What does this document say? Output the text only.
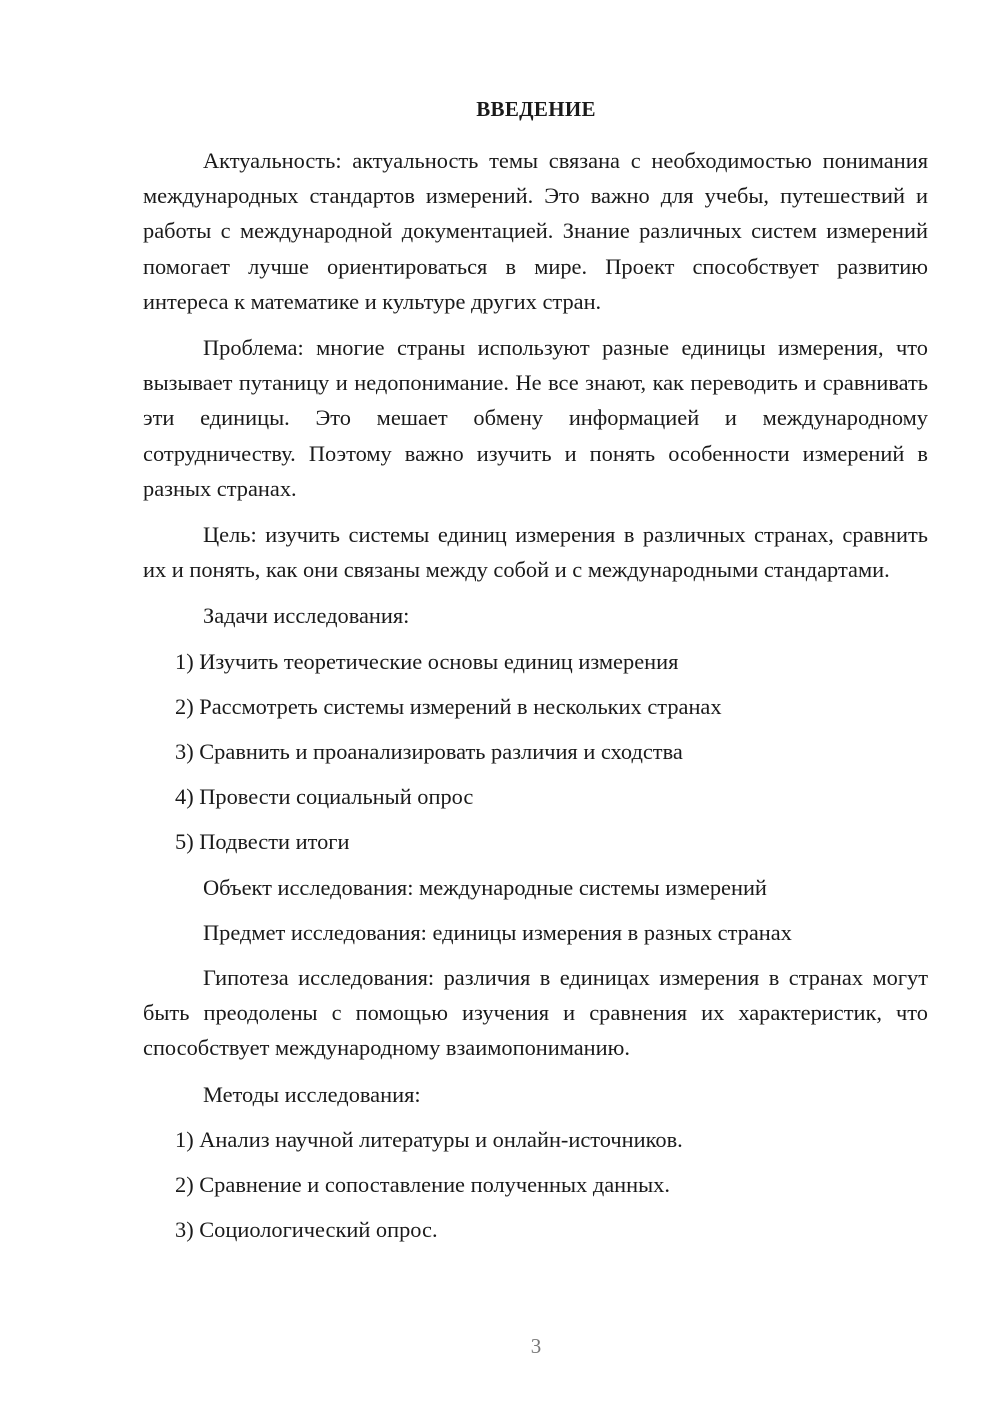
ВВЕДЕНИЕ

Актуальность: актуальность темы связана с необходимостью понимания международных стандартов измерений. Это важно для учебы, путешествий и работы с международной документацией. Знание различных систем измерений помогает лучше ориентироваться в мире. Проект способствует развитию интереса к математике и культуре других стран.

Проблема: многие страны используют разные единицы измерения, что вызывает путаницу и недопонимание. Не все знают, как переводить и сравнивать эти единицы. Это мешает обмену информацией и международному сотрудничеству. Поэтому важно изучить и понять особенности измерений в разных странах.

Цель: изучить системы единиц измерения в различных странах, сравнить их и понять, как они связаны между собой и с международными стандартами.

Задачи исследования:

1) Изучить теоретические основы единиц измерения
2) Рассмотреть системы измерений в нескольких странах
3) Сравнить и проанализировать различия и сходства
4) Провести социальный опрос
5) Подвести итоги

Объект исследования: международные системы измерений

Предмет исследования: единицы измерения в разных странах

Гипотеза исследования: различия в единицах измерения в странах могут быть преодолены с помощью изучения и сравнения их характеристик, что способствует международному взаимопониманию.

Методы исследования:

1) Анализ научной литературы и онлайн-источников.
2) Сравнение и сопоставление полученных данных.
3) Социологический опрос.
3
